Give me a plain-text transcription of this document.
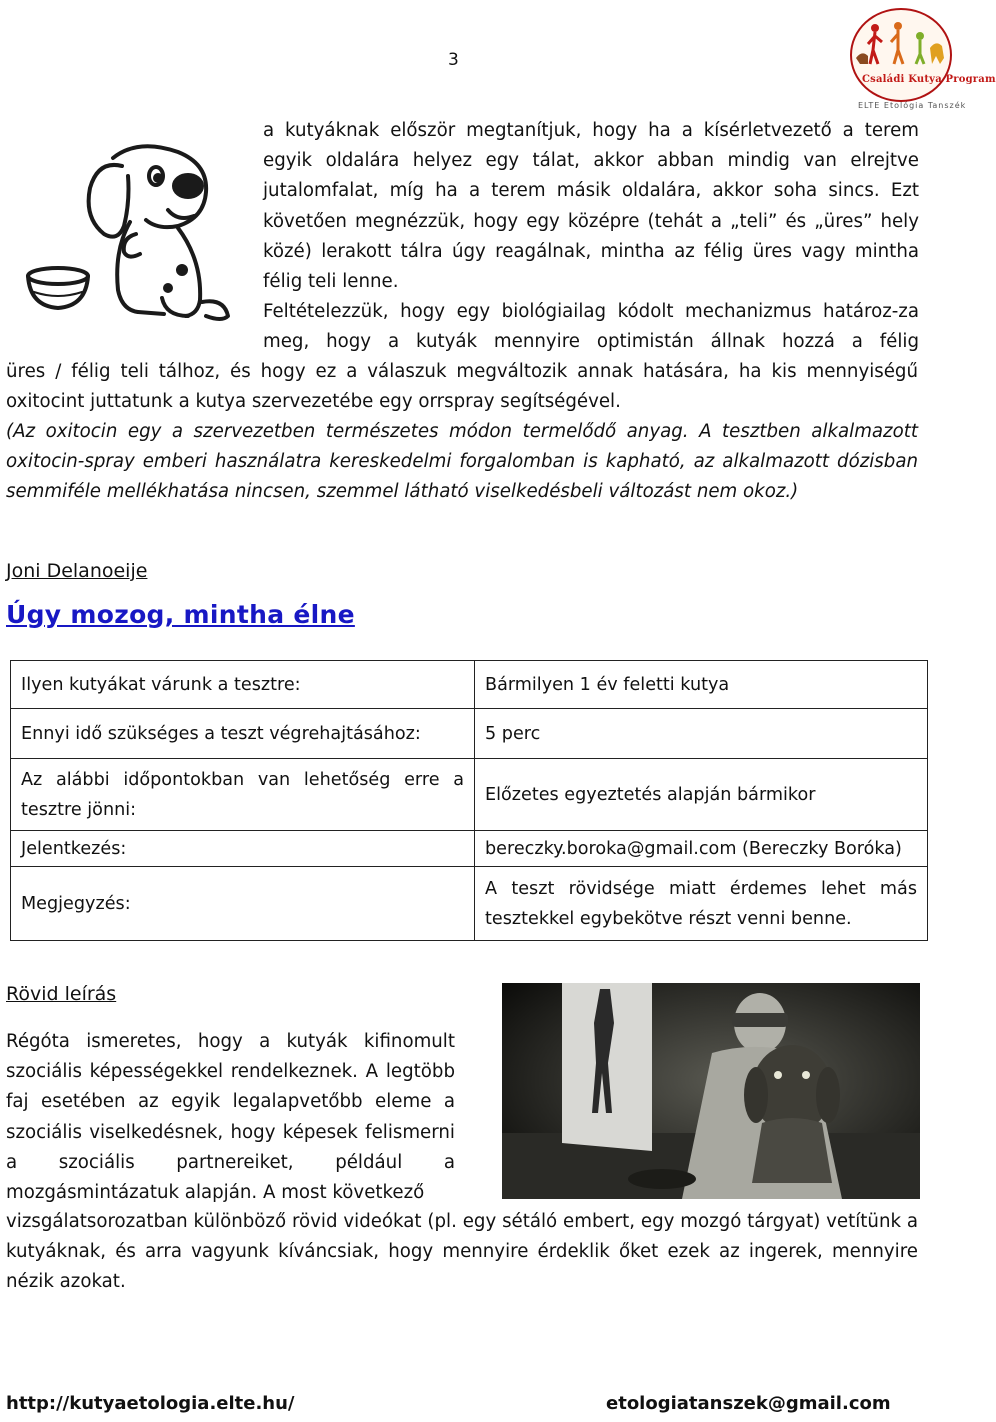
3
Családi Kutya Program
ELTE Etológia Tanszék

a kutyáknak először megtanítjuk, hogy ha a kísérletvezető a terem egyik oldalára helyez egy tálat, akkor abban mindig van elrejtve jutalomfalat, míg ha a terem másik oldalára, akkor soha sincs. Ezt követően megnézzük, hogy egy középre (tehát a „teli” és „üres” hely közé) lerakott tálra úgy reagálnak, mintha az félig üres vagy mintha félig teli lenne.

Feltételezzük, hogy egy biológiailag kódolt mechanizmus határoz-za meg, hogy a kutyák mennyire optimistán állnak hozzá a félig

üres / félig teli tálhoz, és hogy ez a válaszuk megváltozik annak hatására, ha kis mennyiségű oxitocint juttatunk a kutya szervezetébe egy orrspray segítségével.

(Az oxitocin egy a szervezetben természetes módon termelődő anyag. A tesztben alkalmazott oxitocin-spray emberi használatra kereskedelmi forgalomban is kapható, az alkalmazott dózisban semmiféle mellékhatása nincsen, szemmel látható viselkedésbeli változást nem okoz.)

Joni Delanoeije
Úgy mozog, mintha élne
Ilyen kutyákat várunk a tesztre:	Bármilyen 1 év feletti kutya
Ennyi idő szükséges a teszt végrehajtásához:	5 perc
Az alábbi időpontokban van lehetőség erre a tesztre jönni:	Előzetes egyeztetés alapján bármikor
Jelentkezés:	bereczky.boroka@gmail.com (Bereczky Boróka)
Megjegyzés:	A teszt rövidsége miatt érdemes lehet más tesztekkel egybekötve részt venni benne.
Rövid leírás

Régóta ismeretes, hogy a kutyák kifinomult szociális képességekkel rendelkeznek. A legtöbb faj esetében az egyik legalapvetőbb eleme a szociális viselkedésnek, hogy képesek felismerni a szociális partnereiket, például a mozgásmintázatuk alapján. A most következő

vizsgálatsorozatban különböző rövid videókat (pl. egy sétáló embert, egy mozgó tárgyat) vetítünk a kutyáknak, és arra vagyunk kíváncsiak, hogy mennyire érdeklik őket ezek az ingerek, mennyire nézik azokat.

http://kutyaetologia.elte.hu/	etologiatanszek@gmail.com
